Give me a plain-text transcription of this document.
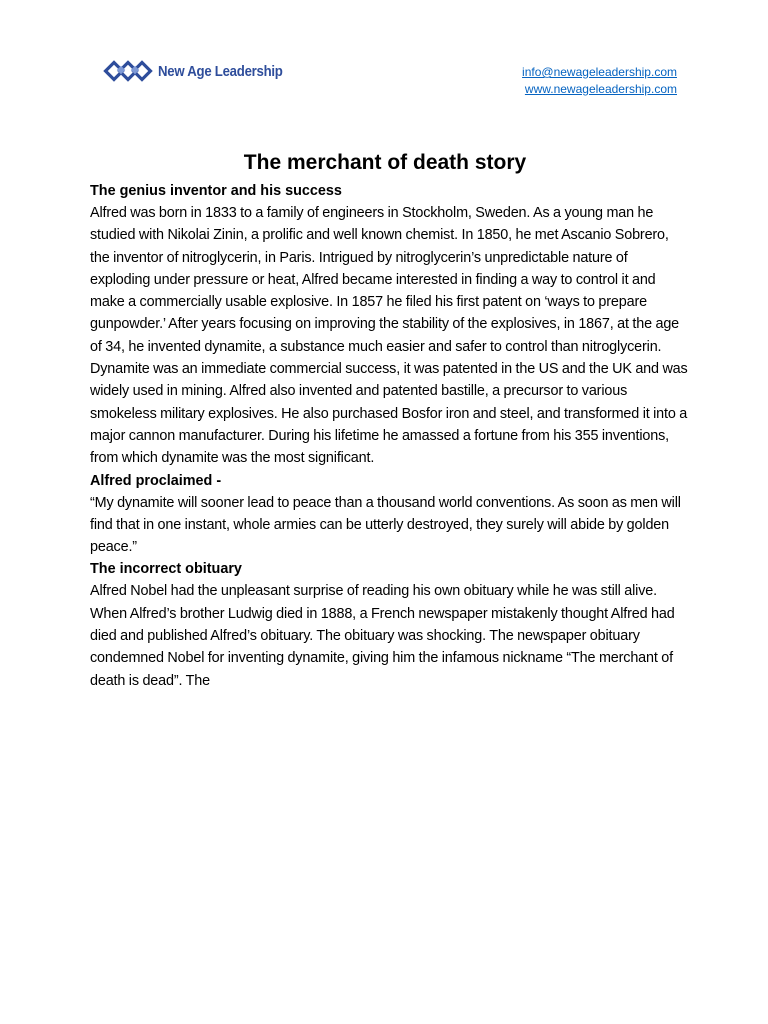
New Age Leadership	info@newageleadership.com
www.newageleadership.com
The merchant of death story
The genius inventor and his success

Alfred was born in 1833 to a family of engineers in Stockholm, Sweden. As a young man he studied with Nikolai Zinin, a prolific and well known chemist. In 1850, he met Ascanio Sobrero, the inventor of nitroglycerin, in Paris. Intrigued by nitroglycerin’s unpredictable nature of exploding under pressure or heat, Alfred became interested in finding a way to control it and make a commercially usable explosive. In 1857 he filed his first patent on ‘ways to prepare gunpowder.’ After years focusing on improving the stability of the explosives, in 1867, at the age of 34, he invented dynamite, a substance much easier and safer to control than nitroglycerin. Dynamite was an immediate commercial success, it was patented in the US and the UK and was widely used in mining. Alfred also invented and patented bastille, a precursor to various smokeless military explosives. He also purchased Bosfor iron and steel, and transformed it into a major cannon manufacturer. During his lifetime he amassed a fortune from his 355 inventions, from which dynamite was the most significant.

Alfred proclaimed -

“My dynamite will sooner lead to peace than a thousand world conventions. As soon as men will find that in one instant, whole armies can be utterly destroyed, they surely will abide by golden peace.”

The incorrect obituary

Alfred Nobel had the unpleasant surprise of reading his own obituary while he was still alive. When Alfred’s brother Ludwig died in 1888, a French newspaper mistakenly thought Alfred had died and published Alfred’s obituary. The obituary was shocking. The newspaper obituary condemned Nobel for inventing dynamite, giving him the infamous nickname “The merchant of death is dead”. The
